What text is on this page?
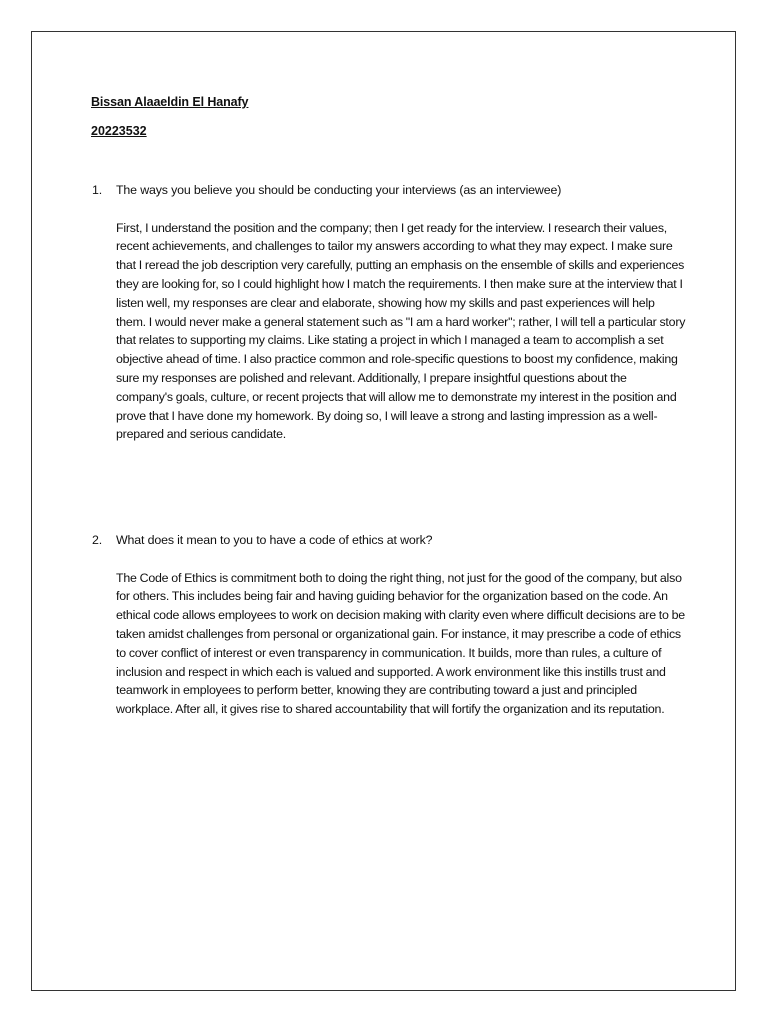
Bissan Alaaeldin El Hanafy
20223532
1. The ways you believe you should be conducting your interviews (as an interviewee)

First, I understand the position and the company; then I get ready for the interview. I research their values, recent achievements, and challenges to tailor my answers according to what they may expect. I make sure that I reread the job description very carefully, putting an emphasis on the ensemble of skills and experiences they are looking for, so I could highlight how I match the requirements. I then make sure at the interview that I listen well, my responses are clear and elaborate, showing how my skills and past experiences will help them. I would never make a general statement such as "I am a hard worker"; rather, I will tell a particular story that relates to supporting my claims. Like stating a project in which I managed a team to accomplish a set objective ahead of time. I also practice common and role-specific questions to boost my confidence, making sure my responses are polished and relevant. Additionally, I prepare insightful questions about the company's goals, culture, or recent projects that will allow me to demonstrate my interest in the position and prove that I have done my homework. By doing so, I will leave a strong and lasting impression as a well-prepared and serious candidate.

2. What does it mean to you to have a code of ethics at work?

The Code of Ethics is commitment both to doing the right thing, not just for the good of the company, but also for others. This includes being fair and having guiding behavior for the organization based on the code. An ethical code allows employees to work on decision making with clarity even where difficult decisions are to be taken amidst challenges from personal or organizational gain. For instance, it may prescribe a code of ethics to cover conflict of interest or even transparency in communication. It builds, more than rules, a culture of inclusion and respect in which each is valued and supported. A work environment like this instills trust and teamwork in employees to perform better, knowing they are contributing toward a just and principled workplace. After all, it gives rise to shared accountability that will fortify the organization and its reputation.
